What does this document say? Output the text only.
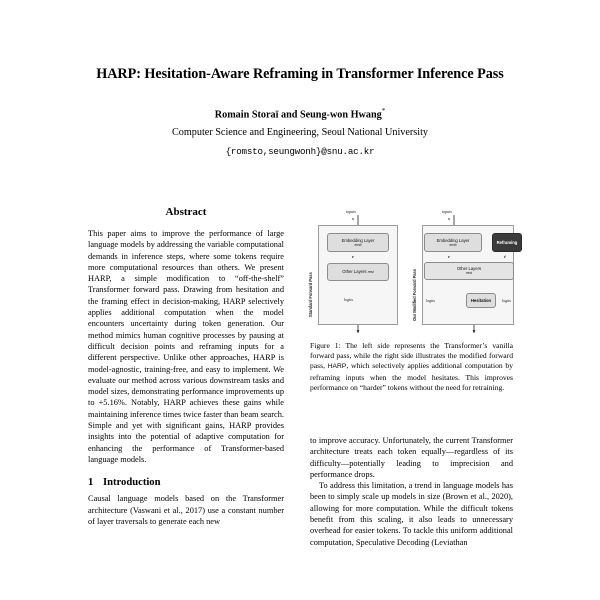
HARP: Hesitation-Aware Reframing in Transformer Inference Pass
Romain Storaï and Seung-won Hwang*
Computer Science and Engineering, Seoul National University
{romsto,seungwonh}@snu.ac.kr
Abstract

This paper aims to improve the performance of large language models by addressing the variable computational demands in inference steps, where some tokens require more computational resources than others. We present HARP, a simple modification to “off-the-shelf” Transformer forward pass. Drawing from hesitation and the framing effect in decision-making, HARP selectively applies additional computation when the model encounters uncertainty during token generation. Our method mimics human cognitive processes by pausing at difficult decision points and reframing inputs for a different perspective. Unlike other approaches, HARP is model-agnostic, training-free, and easy to implement. We evaluate our method across various downstream tasks and model sizes, demonstrating performance improvements up to +5.16%. Notably, HARP achieves these gains while maintaining inference times twice faster than beam search. Simple and yet with significant gains, HARP provides insights into the potential of adaptive computation for enhancing the performance of Transformer-based language models.

1 Introduction

Causal language models based on the Transformer architecture (Vaswani et al., 2017) use a constant number of layer traversals to generate each new

inputs
x
Standard Forward Pass
Embedding Layer
emb
e
Other Layers rest
logits
inputs
x
Our Modified Forward Pass
Embedding Layer
emb	Reframing
e	é
Other Layers
rest
logits	Hesitation	logits

Figure 1: The left side represents the Transformer’s vanilla forward pass, while the right side illustrates the modified forward pass, HARP, which selectively applies additional computation by reframing inputs when the model hesitates. This improves performance on “harder” tokens without the need for retraining.

to improve accuracy. Unfortunately, the current Transformer architecture treats each token equally—regardless of its difficulty—potentially leading to imprecision and performance drops.

To address this limitation, a trend in language models has been to simply scale up models in size (Brown et al., 2020), allowing for more computation. While the difficult tokens benefit from this scaling, it also leads to unnecessary overhead for easier tokens. To tackle this uniform additional computation, Speculative Decoding (Leviathan
